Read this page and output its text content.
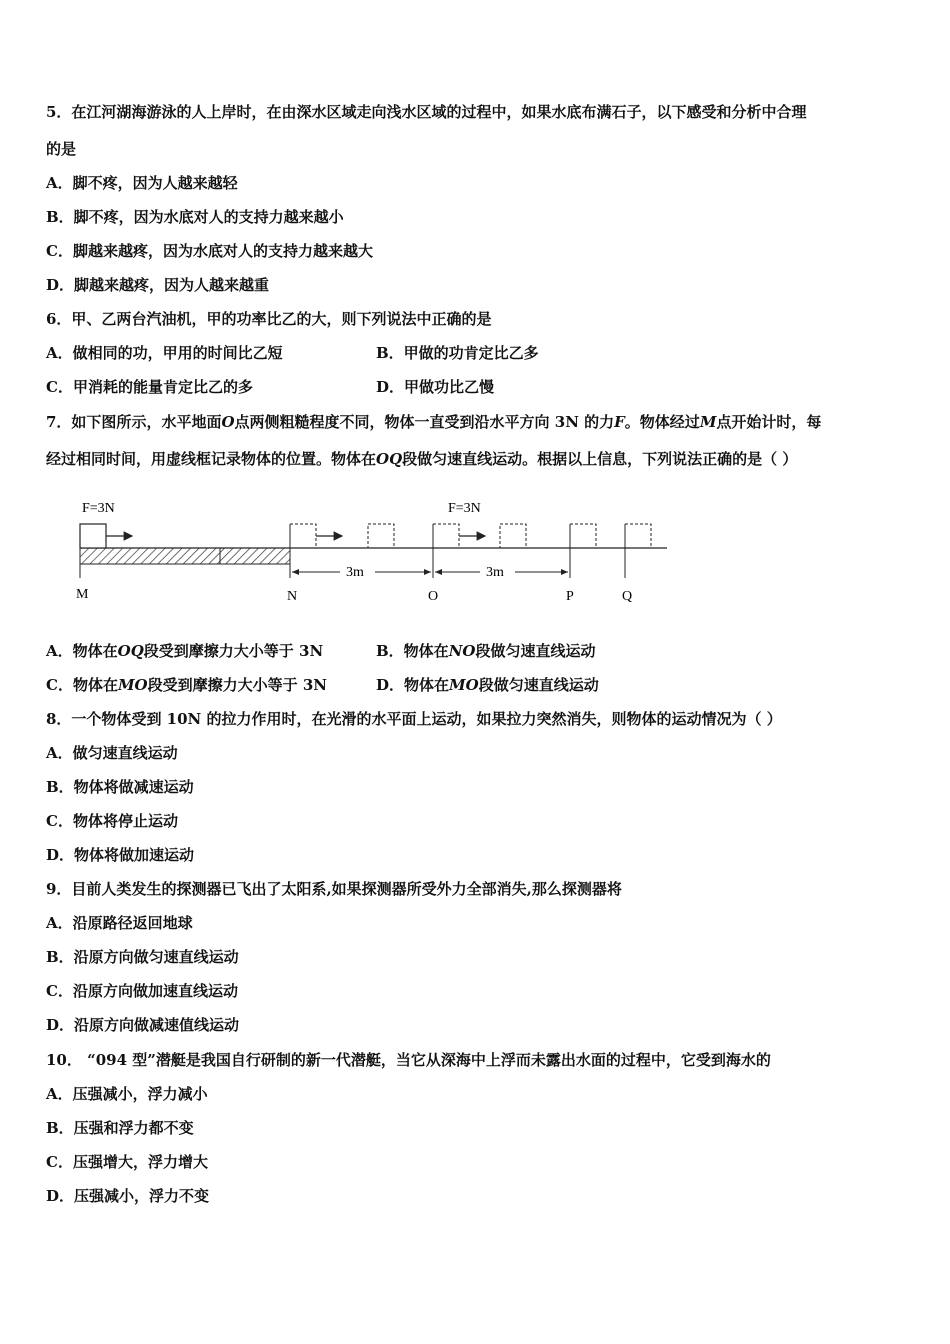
5．在江河湖海游泳的人上岸时，在由深水区域走向浅水区域的过程中，如果水底布满石子，以下感受和分析中合理
的是
A．脚不疼，因为人越来越轻
B．脚不疼，因为水底对人的支持力越来越小
C．脚越来越疼，因为水底对人的支持力越来越大
D．脚越来越疼，因为人越来越重
6．甲、乙两台汽油机，甲的功率比乙的大，则下列说法中正确的是
A．做相同的功，甲用的时间比乙短	B．甲做的功肯定比乙多
C．甲消耗的能量肯定比乙的多	D．甲做功比乙慢
7．如下图所示，水平地面O点两侧粗糙程度不同，物体一直受到沿水平方向 3N 的力F。物体经过M点开始计时，每
经过相同时间，用虚线框记录物体的位置。物体在OQ段做匀速直线运动。根据以上信息，下列说法正确的是（ ）
F=3N	F=3N
3m	3m
M	N	O	P	Q
A．物体在OQ段受到摩擦力大小等于 3N	B．物体在NO段做匀速直线运动
C．物体在MO段受到摩擦力大小等于 3N	D．物体在MO段做匀速直线运动
8．一个物体受到 10N 的拉力作用时，在光滑的水平面上运动，如果拉力突然消失，则物体的运动情况为（ ）
A．做匀速直线运动
B．物体将做减速运动
C．物体将停止运动
D．物体将做加速运动
9．目前人类发生的探测器已飞出了太阳系,如果探测器所受外力全部消失,那么探测器将
A．沿原路径返回地球
B．沿原方向做匀速直线运动
C．沿原方向做加速直线运动
D．沿原方向做减速值线运动
10． “094 型”潜艇是我国自行研制的新一代潜艇，当它从深海中上浮而未露出水面的过程中，它受到海水的
A．压强减小，浮力减小
B．压强和浮力都不变
C．压强增大，浮力增大
D．压强减小，浮力不变
